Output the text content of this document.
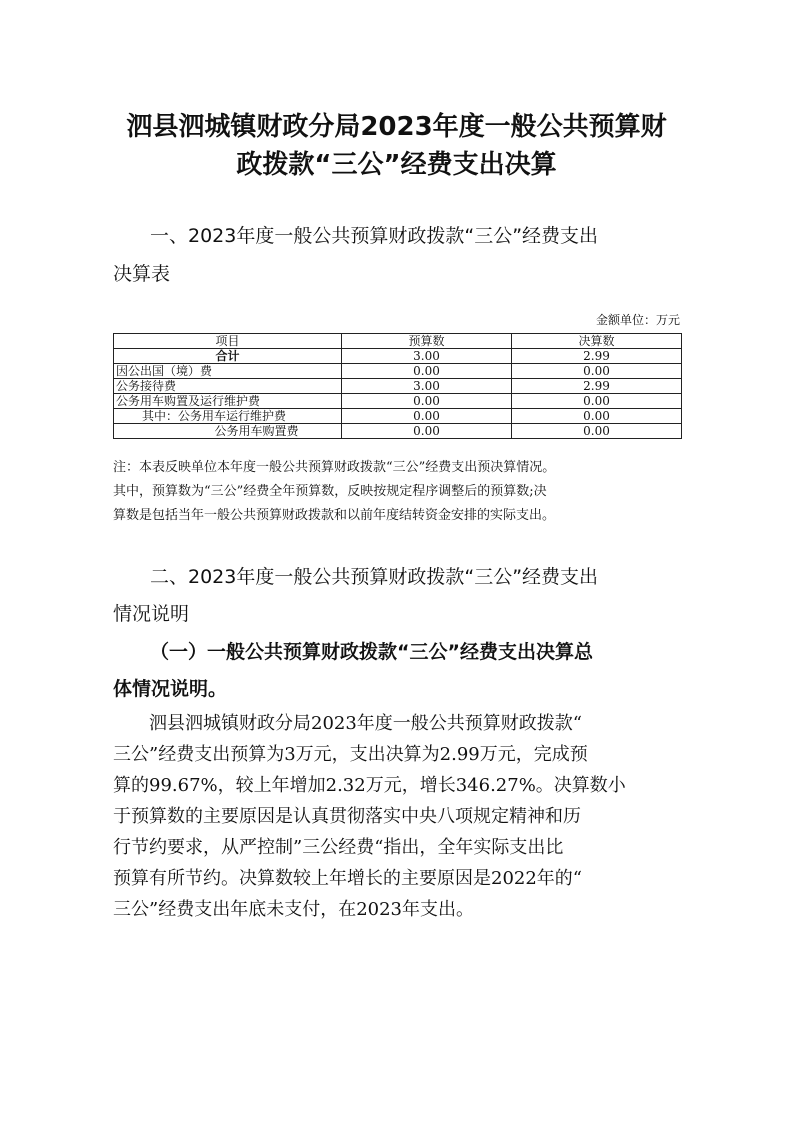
泗县泗城镇财政分局2023年度一般公共预算财
政拨款“三公”经费支出决算
一、2023年度一般公共预算财政拨款“三公”经费支出
决算表
金额单位：万元
项目	预算数	决算数
合计	3.00	2.99
因公出国（境）费	0.00	0.00
公务接待费	3.00	2.99
公务用车购置及运行维护费	0.00	0.00
其中：公务用车运行维护费	0.00	0.00
公务用车购置费	0.00	0.00
注：本表反映单位本年度一般公共预算财政拨款“三公”经费支出预决算情况。
其中，预算数为“三公”经费全年预算数，反映按规定程序调整后的预算数;决
算数是包括当年一般公共预算财政拨款和以前年度结转资金安排的实际支出。
二、2023年度一般公共预算财政拨款“三公”经费支出
情况说明
（一）一般公共预算财政拨款“三公”经费支出决算总
体情况说明。
泗县泗城镇财政分局2023年度一般公共预算财政拨款“
三公”经费支出预算为3万元，支出决算为2.99万元，完成预
算的99.67%，较上年增加2.32万元，增长346.27%。决算数小
于预算数的主要原因是认真贯彻落实中央八项规定精神和历
行节约要求，从严控制”三公经费“指出，全年实际支出比
预算有所节约。决算数较上年增长的主要原因是2022年的“
三公”经费支出年底未支付，在2023年支出。
